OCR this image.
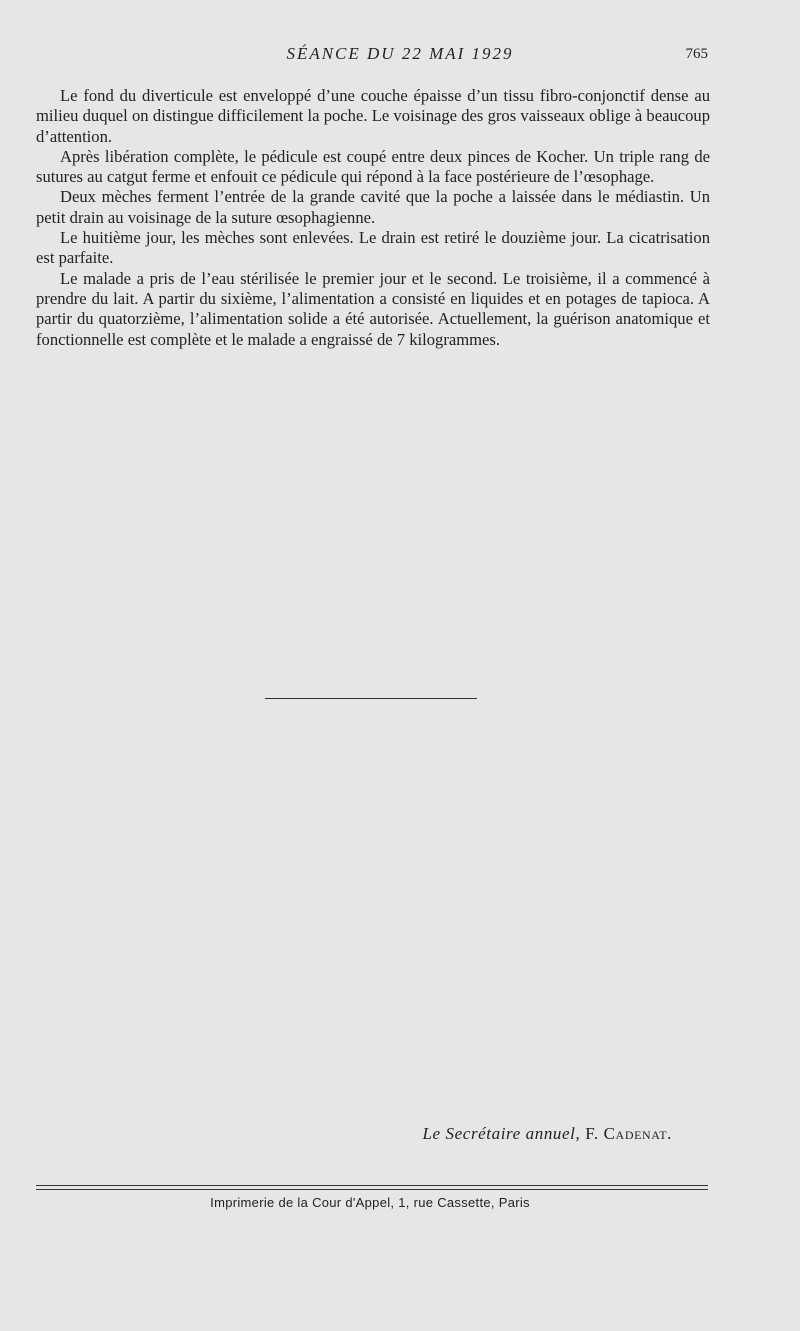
SÉANCE DU 22 MAI 1929	765

Le fond du diverticule est enveloppé d’une couche épaisse d’un tissu fibro-conjonctif dense au milieu duquel on distingue difficilement la poche. Le voisinage des gros vaisseaux oblige à beaucoup d’attention.

Après libération complète, le pédicule est coupé entre deux pinces de Kocher. Un triple rang de sutures au catgut ferme et enfouit ce pédicule qui répond à la face postérieure de l’œsophage.

Deux mèches ferment l’entrée de la grande cavité que la poche a laissée dans le médiastin. Un petit drain au voisinage de la suture œsophagienne.

Le huitième jour, les mèches sont enlevées. Le drain est retiré le douzième jour. La cicatrisation est parfaite.

Le malade a pris de l’eau stérilisée le premier jour et le second. Le troisième, il a commencé à prendre du lait. A partir du sixième, l’alimentation a consisté en liquides et en potages de tapioca. A partir du quatorzième, l’alimentation solide a été autorisée. Actuellement, la guérison anatomique et fonctionnelle est complète et le malade a engraissé de 7 kilogrammes.

Le Secrétaire annuel, F. Cadenat.
Imprimerie de la Cour d'Appel, 1, rue Cassette, Paris
